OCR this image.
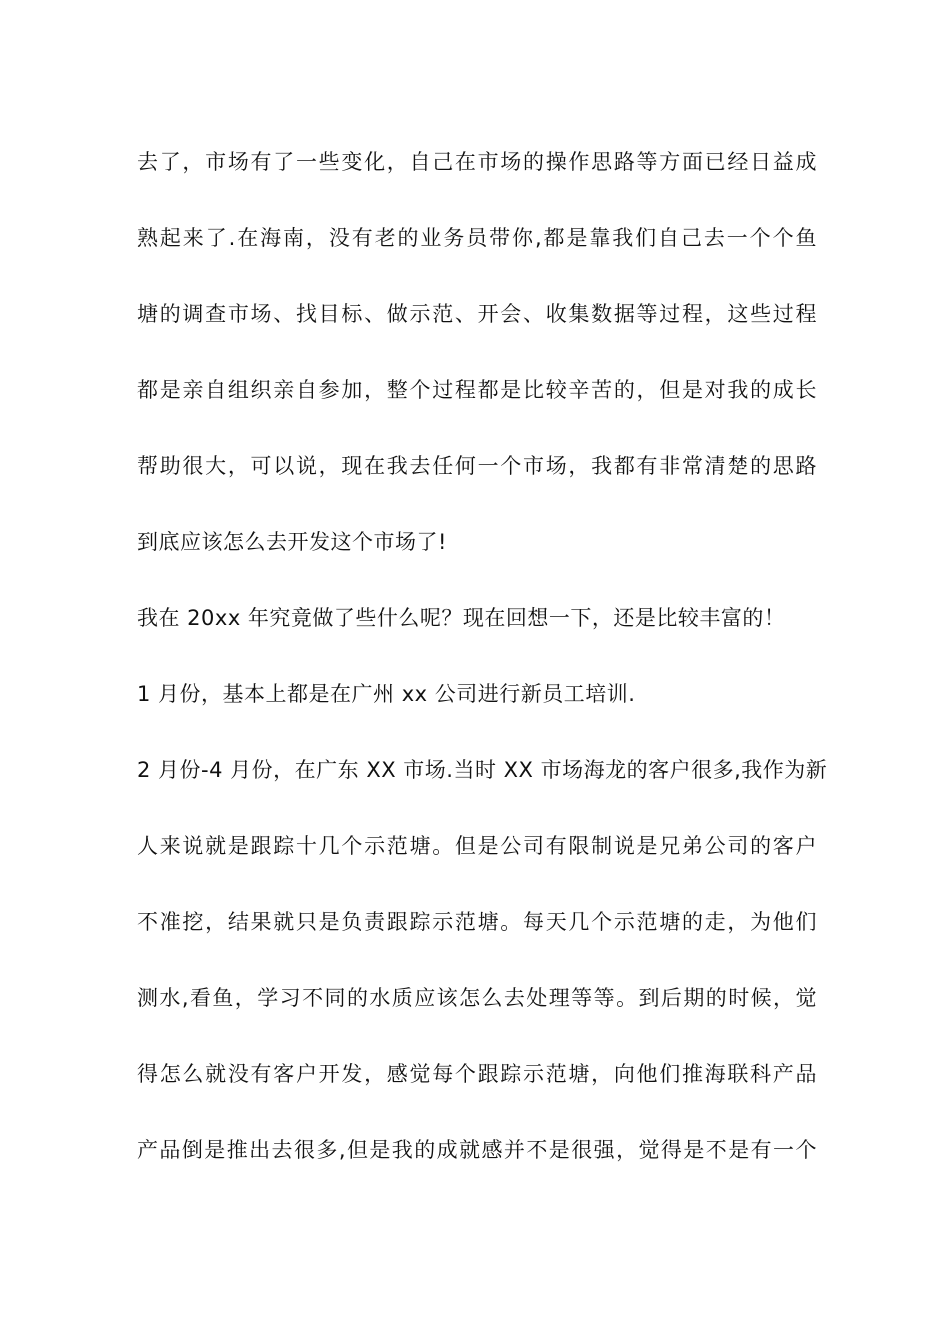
去了，市场有了一些变化，自己在市场的操作思路等方面已经日益成
熟起来了.在海南，没有老的业务员带你,都是靠我们自己去一个个鱼
塘的调查市场、找目标、做示范、开会、收集数据等过程，这些过程
都是亲自组织亲自参加，整个过程都是比较辛苦的，但是对我的成长
帮助很大，可以说，现在我去任何一个市场，我都有非常清楚的思路
到底应该怎么去开发这个市场了!
我在 20xx 年究竟做了些什么呢？现在回想一下，还是比较丰富的！
1 月份，基本上都是在广州 xx 公司进行新员工培训.
2 月份-4 月份，在广东 XX 市场.当时 XX 市场海龙的客户很多,我作为新
人来说就是跟踪十几个示范塘。但是公司有限制说是兄弟公司的客户
不准挖，结果就只是负责跟踪示范塘。每天几个示范塘的走，为他们
测水,看鱼，学习不同的水质应该怎么去处理等等。到后期的时候，觉
得怎么就没有客户开发，感觉每个跟踪示范塘，向他们推海联科产品
产品倒是推出去很多,但是我的成就感并不是很强，觉得是不是有一个
